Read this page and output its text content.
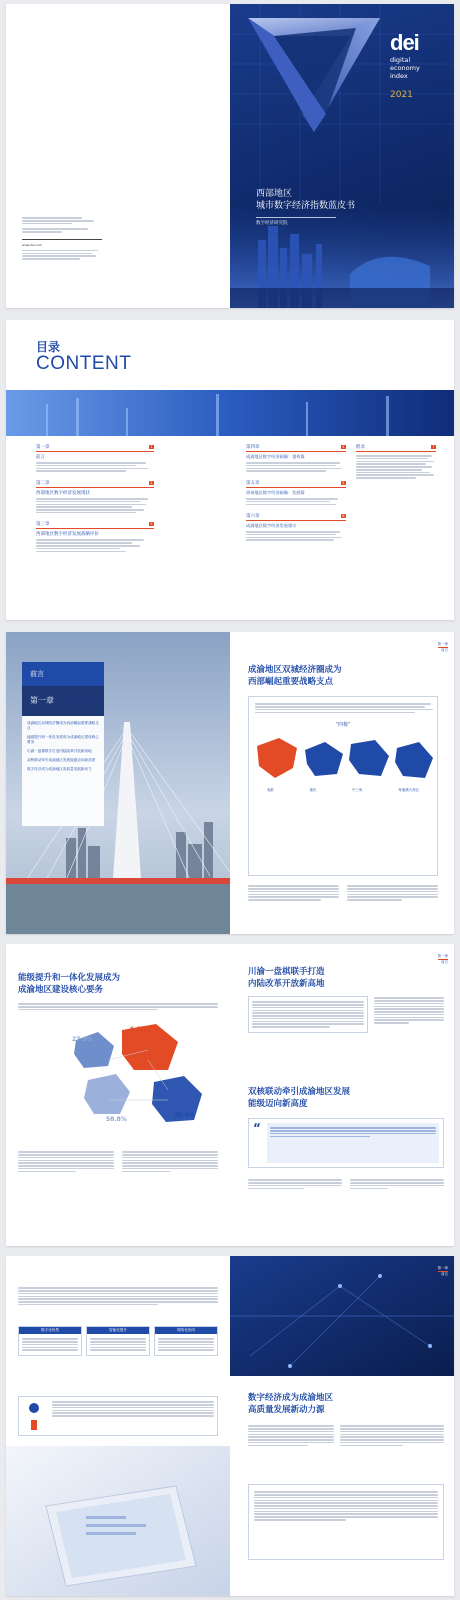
www.dei.com
dei
digital
economy
index
2021
西部地区
城市数字经济指数蓝皮书
数字经济研究院
目录
CONTENT
第一章	1
前言
第二章	2
西部地区数字经济发展现状
第三章	3
西部地区数字经济发展战略评价
第四章	4
成渝地区数字经济画像：重构篇
第五章	5
贵州地区数字经济画像：发展篇
第六章	6
成渝地区数字经济发展建议
附录	7
前言
第一章
成渝地区双城经济圈成为西部崛起重要战略支点
能级提升和一体化发展成为成渝地区建设核心要务
川渝一盘棋联手打造内陆改革开放新高地
双核联动牵引成渝地区发展能级迈向新高度
数字经济成为成渝地区高质量发展新动力
第一章
前言
成渝地区双城经济圈成为
西部崛起重要战略支点
“四极”
成都	重庆	中三角	粤港澳大湾区
能级提升和一体化发展成为
成渝地区建设核心要务
6.8万亿
27.9%
58.8%
78.9%
第一章
前言
川渝一盘棋联手打造
内陆改革开放新高地
双核联动牵引成渝地区发展
能级迈向新高度
“
数字化转型	智能化提升	网络化协同
第一章
前言
数字经济成为成渝地区
高质量发展新动力源
